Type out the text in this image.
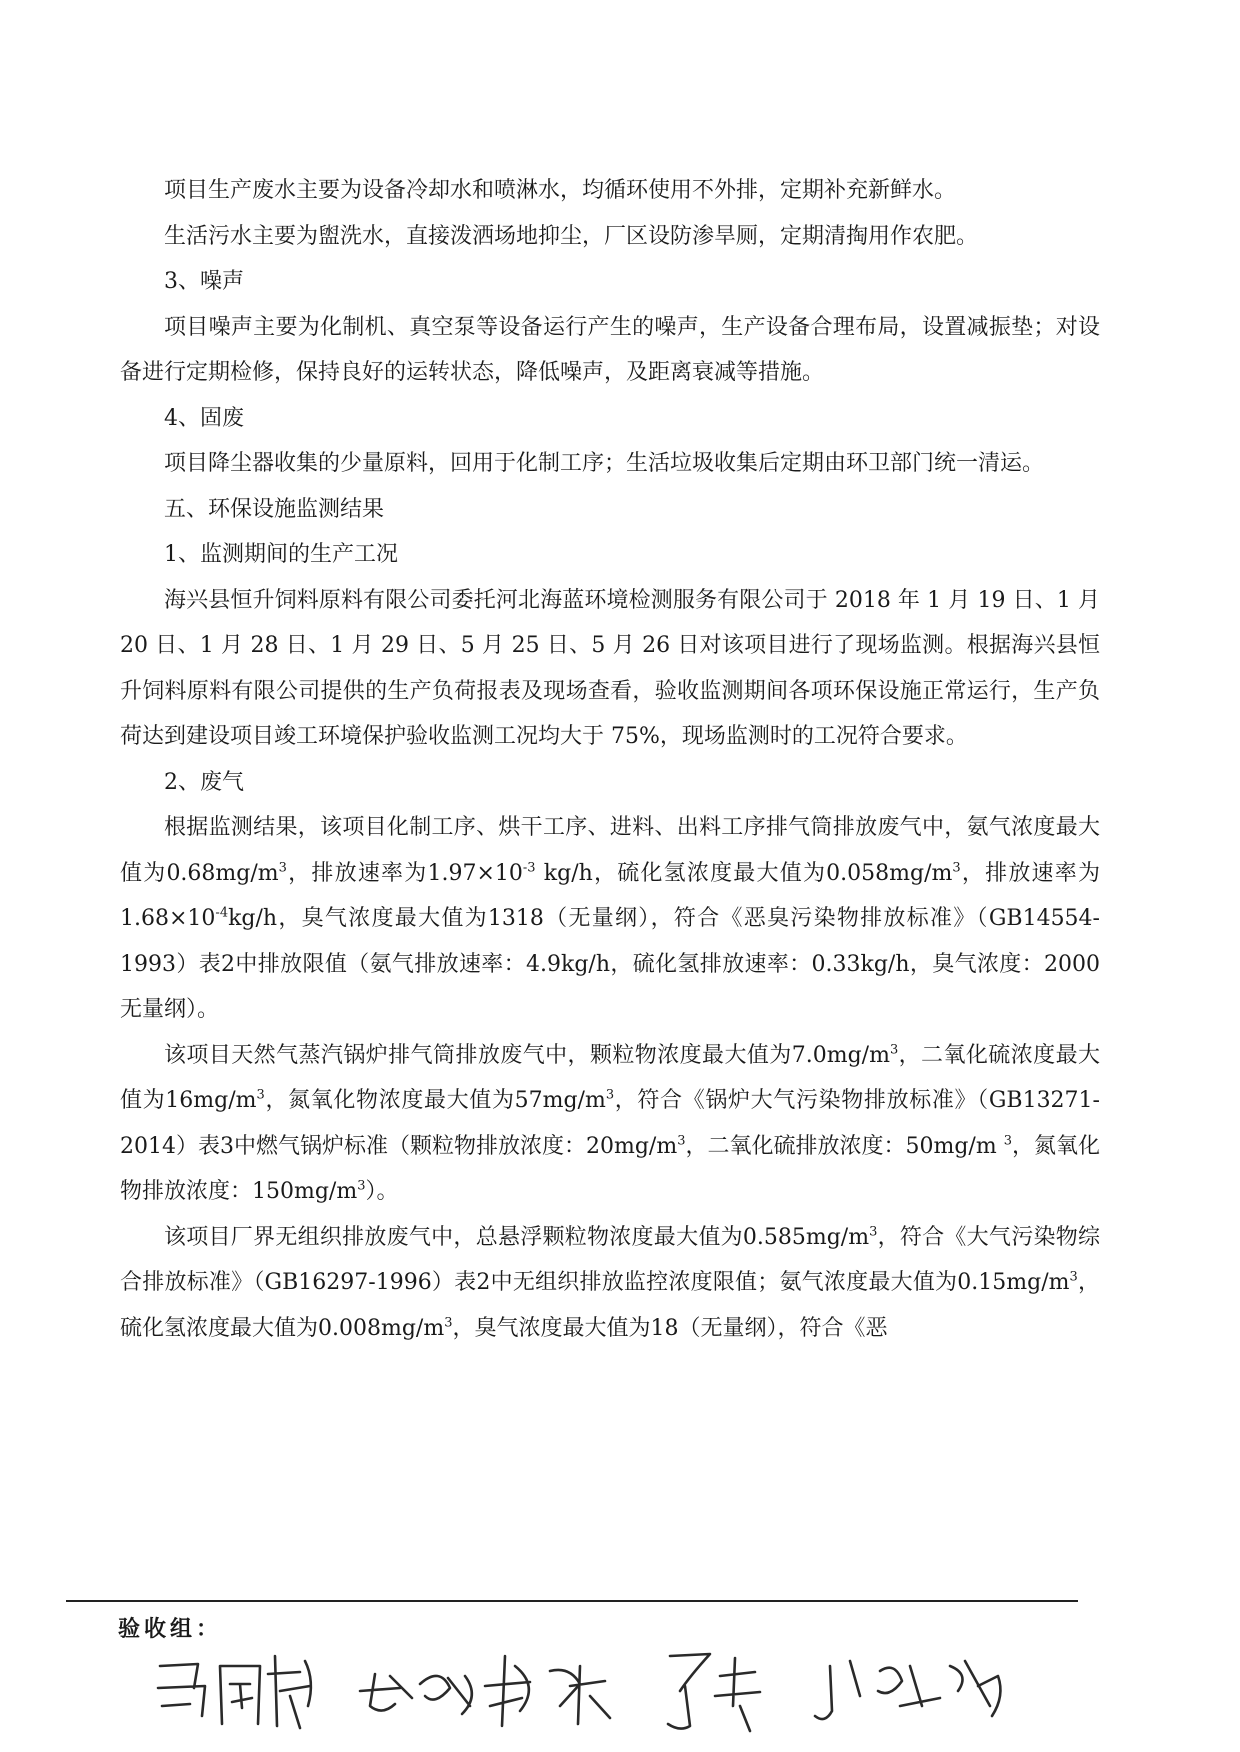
项目生产废水主要为设备冷却水和喷淋水，均循环使用不外排，定期补充新鲜水。

生活污水主要为盥洗水，直接泼洒场地抑尘，厂区设防渗旱厕，定期清掏用作农肥。

3、噪声

项目噪声主要为化制机、真空泵等设备运行产生的噪声，生产设备合理布局，设置减振垫；对设备进行定期检修，保持良好的运转状态，降低噪声，及距离衰减等措施。

4、固废

项目降尘器收集的少量原料，回用于化制工序；生活垃圾收集后定期由环卫部门统一清运。

五、环保设施监测结果

1、监测期间的生产工况

海兴县恒升饲料原料有限公司委托河北海蓝环境检测服务有限公司于 2018 年 1 月 19 日、1 月 20 日、1 月 28 日、1 月 29 日、5 月 25 日、5 月 26 日对该项目进行了现场监测。根据海兴县恒升饲料原料有限公司提供的生产负荷报表及现场查看，验收监测期间各项环保设施正常运行，生产负荷达到建设项目竣工环境保护验收监测工况均大于 75%，现场监测时的工况符合要求。

2、废气

根据监测结果，该项目化制工序、烘干工序、进料、出料工序排气筒排放废气中，氨气浓度最大值为$0.68mg/m^3$，排放速率为$1.97\times 10^{-3}$ kg/h，硫化氢浓度最大值为$0.058mg/m^3$，排放速率为$1.68\times 10^{-4}kg/h$，臭气浓度最大值为1318（无量纲），符合《恶臭污染物排放标准》（GB14554-1993）表2中排放限值（氨气排放速率：4.9kg/h，硫化氢排放速率：0.33kg/h，臭气浓度：2000无量纲）。

该项目天然气蒸汽锅炉排气筒排放废气中，颗粒物浓度最大值为$7.0mg/m^3$，二氧化硫浓度最大值为$16mg/m^3$，氮氧化物浓度最大值为$57mg/m^3$，符合《锅炉大气污染物排放标准》（GB13271-2014）表3中燃气锅炉标准（颗粒物排放浓度：$20mg/m^3$，二氧化硫排放浓度：50mg/m $^3$，氮氧化物排放浓度：$150mg/m^3$）。

该项目厂界无组织排放废气中，总悬浮颗粒物浓度最大值为$0.585mg/m^3$，符合《大气污染物综合排放标准》（GB16297-1996）表2中无组织排放监控浓度限值；氨气浓度最大值为$0.15mg/m^3$，硫化氢浓度最大值为$0.008mg/m^3$，臭气浓度最大值为18（无量纲），符合《恶

验收组：
